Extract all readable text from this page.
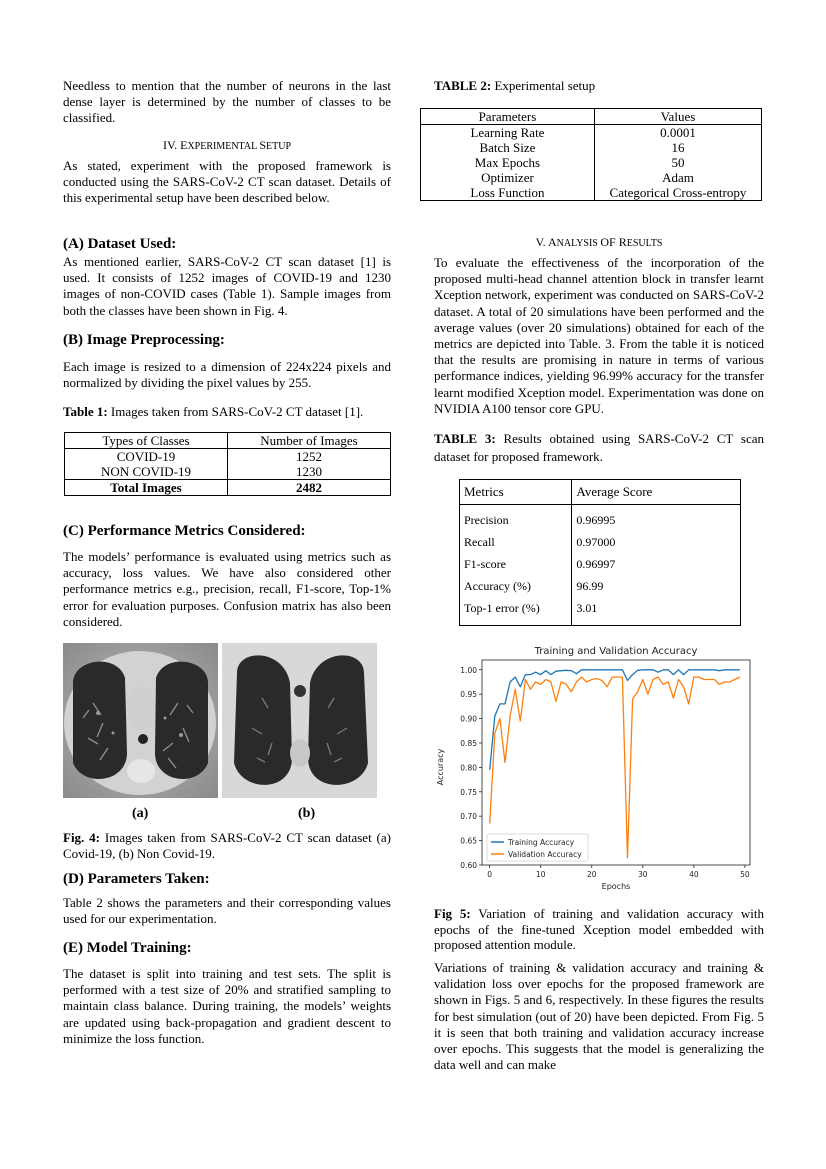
Needless to mention that the number of neurons in the last dense layer is determined by the number of classes to be classified.

IV. EXPERIMENTAL SETUP

As stated, experiment with the proposed framework is conducted using the SARS-CoV-2 CT scan dataset. Details of this experimental setup have been described below.

(A) Dataset Used:

As mentioned earlier, SARS-CoV-2 CT scan dataset [1] is used. It consists of 1252 images of COVID-19 and 1230 images of non-COVID cases (Table 1). Sample images from both the classes have been shown in Fig. 4.

(B) Image Preprocessing:

Each image is resized to a dimension of 224x224 pixels and normalized by dividing the pixel values by 255.

Table 1: Images taken from SARS-CoV-2 CT dataset [1].

Types of Classes	Number of Images
COVID-19	1252
NON COVID-19	1230
Total Images	2482

(C) Performance Metrics Considered:

The models’ performance is evaluated using metrics such as accuracy, loss values. We have also considered other performance metrics e.g., precision, recall, F1-score, Top-1% error for evaluation purposes. Confusion matrix has also been considered.

(a)	(b)

Fig. 4: Images taken from SARS-CoV-2 CT scan dataset (a) Covid-19, (b) Non Covid-19.

(D) Parameters Taken:

Table 2 shows the parameters and their corresponding values used for our experimentation.

(E) Model Training:

The dataset is split into training and test sets. The split is performed with a test size of 20% and stratified sampling to maintain class balance. During training, the models’ weights are updated using back-propagation and gradient descent to minimize the loss function.

TABLE 2: Experimental setup

Parameters	Values
Learning Rate	0.0001
Batch Size	16
Max Epochs	50
Optimizer	Adam
Loss Function	Categorical Cross-entropy

V. ANALYSIS OF RESULTS

To evaluate the effectiveness of the incorporation of the proposed multi-head channel attention block in transfer learnt Xception network, experiment was conducted on SARS-CoV-2 dataset. A total of 20 simulations have been performed and the average values (over 20 simulations) obtained for each of the metrics are depicted into Table. 3. From the table it is noticed that the results are promising in nature in terms of various performance indices, yielding 96.99% accuracy for the transfer learnt modified Xception model. Experimentation was done on NVIDIA A100 tensor core GPU.

TABLE 3: Results obtained using SARS-CoV-2 CT scan dataset for proposed framework.

Metrics	Average Score
Precision	0.96995
Recall	0.97000
F1-score	0.96997
Accuracy (%)	96.99
Top-1 error (%)	3.01
Training and Validation Accuracy
Accuracy
Epochs
0.60
0.65
0.70
0.75
0.80
0.85
0.90
0.95
1.00
0	10	20	30	40	50
Training Accuracy
Validation Accuracy

Fig 5: Variation of training and validation accuracy with epochs of the fine-tuned Xception model embedded with proposed attention module.

Variations of training & validation accuracy and training & validation loss over epochs for the proposed framework are shown in Figs. 5 and 6, respectively. In these figures the results for best simulation (out of 20) have been depicted. From Fig. 5 it is seen that both training and validation accuracy increase over epochs. This suggests that the model is generalizing the data well and can make
